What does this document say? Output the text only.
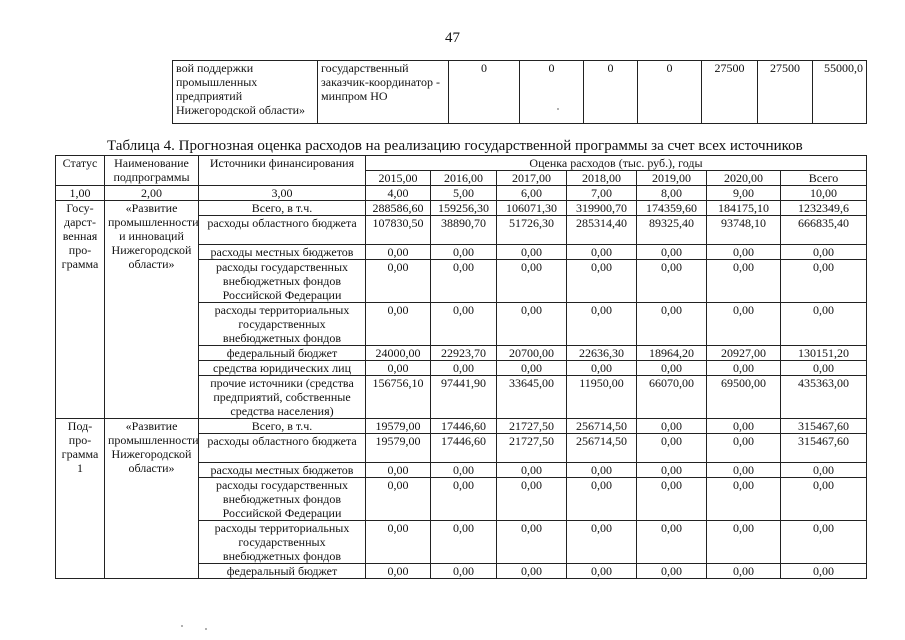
47
вой поддержки промышленных предприятий Нижегородской области»	государственный заказчик-координатор - минпром НО	0	0	0	0	27500	27500	55000,0
Таблица 4. Прогнозная оценка расходов на реализацию государственной программы за счет всех источников
Статус	Наименование подпрограммы	Источники финансирования	Оценка расходов (тыс. руб.), годы						
			2015,00	2016,00	2017,00	2018,00	2019,00	2020,00	Всего
1,00	2,00	3,00	4,00	5,00	6,00	7,00	8,00	9,00	10,00
Госу-дарст-венная про-грамма	«Развитие промышленности и инноваций Нижегородской области»	Всего, в т.ч.	288586,60	159256,30	106071,30	319900,70	174359,60	184175,10	1232349,6
		расходы областного бюджета	107830,50	38890,70	51726,30	285314,40	89325,40	93748,10	666835,40
		расходы местных бюджетов	0,00	0,00	0,00	0,00	0,00	0,00	0,00
		расходы государственных внебюджетных фондов Российской Федерации	0,00	0,00	0,00	0,00	0,00	0,00	0,00
		расходы территориальных государственных внебюджетных фондов	0,00	0,00	0,00	0,00	0,00	0,00	0,00
		федеральный бюджет	24000,00	22923,70	20700,00	22636,30	18964,20	20927,00	130151,20
		средства юридических лиц	0,00	0,00	0,00	0,00	0,00	0,00	0,00
		прочие источники (средства предприятий, собственные средства населения)	156756,10	97441,90	33645,00	11950,00	66070,00	69500,00	435363,00
Под-про-грамма 1	«Развитие промышленности Нижегородской области»	Всего, в т.ч.	19579,00	17446,60	21727,50	256714,50	0,00	0,00	315467,60
		расходы областного бюджета	19579,00	17446,60	21727,50	256714,50	0,00	0,00	315467,60
		расходы местных бюджетов	0,00	0,00	0,00	0,00	0,00	0,00	0,00
		расходы государственных внебюджетных фондов Российской Федерации	0,00	0,00	0,00	0,00	0,00	0,00	0,00
		расходы территориальных государственных внебюджетных фондов	0,00	0,00	0,00	0,00	0,00	0,00	0,00
		федеральный бюджет	0,00	0,00	0,00	0,00	0,00	0,00	0,00
